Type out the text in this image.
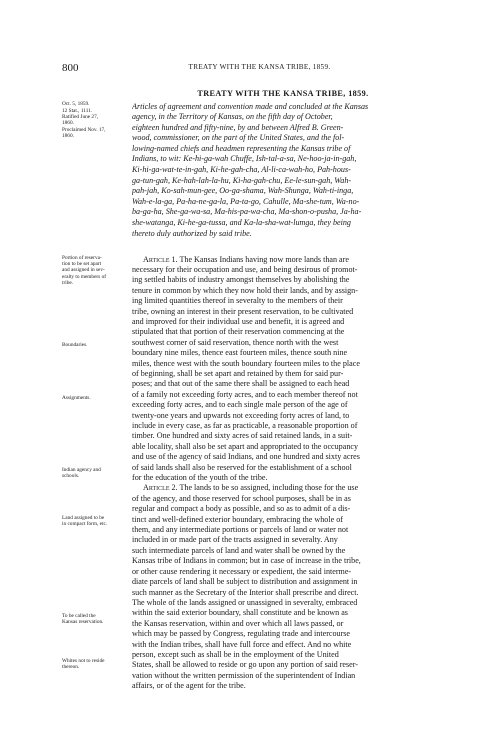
800	TREATY WITH THE KANSA TRIBE, 1859.
TREATY WITH THE KANSA TRIBE, 1859.
Oct. 5, 1859.
12 Stat., 1111.
Ratified June 27,
1860.
Proclaimed Nov. 17,
1860.
Portion of reserva-
tion to be set apart
and assigned in sev-
eralty to members of
tribe.
Boundaries.
Assignments.
Indian agency and
schools.
Land assigned to be
in compact form, etc.
To be called the
Kansas reservation.
Whites not to reside
thereon.
Articles of agreement and convention made and concluded at the Kansas
agency, in the Territory of Kansas, on the fifth day of October,
eighteen hundred and fifty-nine, by and between Alfred B. Green-
wood, commissioner, on the part of the United States, and the fol-
lowing-named chiefs and headmen representing the Kansas tribe of
Indians, to wit: Ke-hi-ga-wah Chuffe, Ish-tal-a-sa, Ne-hoo-ja-in-gah,
Ki-hi-ga-wat-te-in-gah, Ki-he-gah-cha, Al-li-ca-wah-ho, Pah-hous-
ga-tun-gah, Ke-hah-lah-la-hu, Ki-ha-gah-chu, Ee-le-sun-gah, Wah-
pah-jah, Ko-sah-mun-gee, Oo-ga-shama, Wah-Shunga, Wah-ti-inga,
Wah-e-la-ga, Pa-ha-ne-ga-la, Pa-ta-go, Cahulle, Ma-she-tum, Wa-no-
ba-ga-ha, She-ga-wa-sa, Ma-his-pa-wa-cha, Ma-shon-o-pusha, Ja-ha-
she-watanga, Ki-he-ga-tussa, and Ka-la-sha-wat-lumga, they being
thereto duly authorized by said tribe.
Article 1. The Kansas Indians having now more lands than are
necessary for their occupation and use, and being desirous of promot-
ing settled habits of industry amongst themselves by abolishing the
tenure in common by which they now hold their lands, and by assign-
ing limited quantities thereof in severalty to the members of their
tribe, owning an interest in their present reservation, to be cultivated
and improved for their individual use and benefit, it is agreed and
stipulated that that portion of their reservation commencing at the
southwest corner of said reservation, thence north with the west
boundary nine miles, thence east fourteen miles, thence south nine
miles, thence west with the south boundary fourteen miles to the place
of beginning, shall be set apart and retained by them for said pur-
poses; and that out of the same there shall be assigned to each head
of a family not exceeding forty acres, and to each member thereof not
exceeding forty acres, and to each single male person of the age of
twenty-one years and upwards not exceeding forty acres of land, to
include in every case, as far as practicable, a reasonable proportion of
timber. One hundred and sixty acres of said retained lands, in a suit-
able locality, shall also be set apart and appropriated to the occupancy
and use of the agency of said Indians, and one hundred and sixty acres
of said lands shall also be reserved for the establishment of a school
for the education of the youth of the tribe.
Article 2. The lands to be so assigned, including those for the use
of the agency, and those reserved for school purposes, shall be in as
regular and compact a body as possible, and so as to admit of a dis-
tinct and well-defined exterior boundary, embracing the whole of
them, and any intermediate portions or parcels of land or water not
included in or made part of the tracts assigned in severalty. Any
such intermediate parcels of land and water shall be owned by the
Kansas tribe of Indians in common; but in case of increase in the tribe,
or other cause rendering it necessary or expedient, the said interme-
diate parcels of land shall be subject to distribution and assignment in
such manner as the Secretary of the Interior shall prescribe and direct.
The whole of the lands assigned or unassigned in severalty, embraced
within the said exterior boundary, shall constitute and be known as
the Kansas reservation, within and over which all laws passed, or
which may be passed by Congress, regulating trade and intercourse
with the Indian tribes, shall have full force and effect. And no white
person, except such as shall be in the employment of the United
States, shall be allowed to reside or go upon any portion of said reser-
vation without the written permission of the superintendent of Indian
affairs, or of the agent for the tribe.
